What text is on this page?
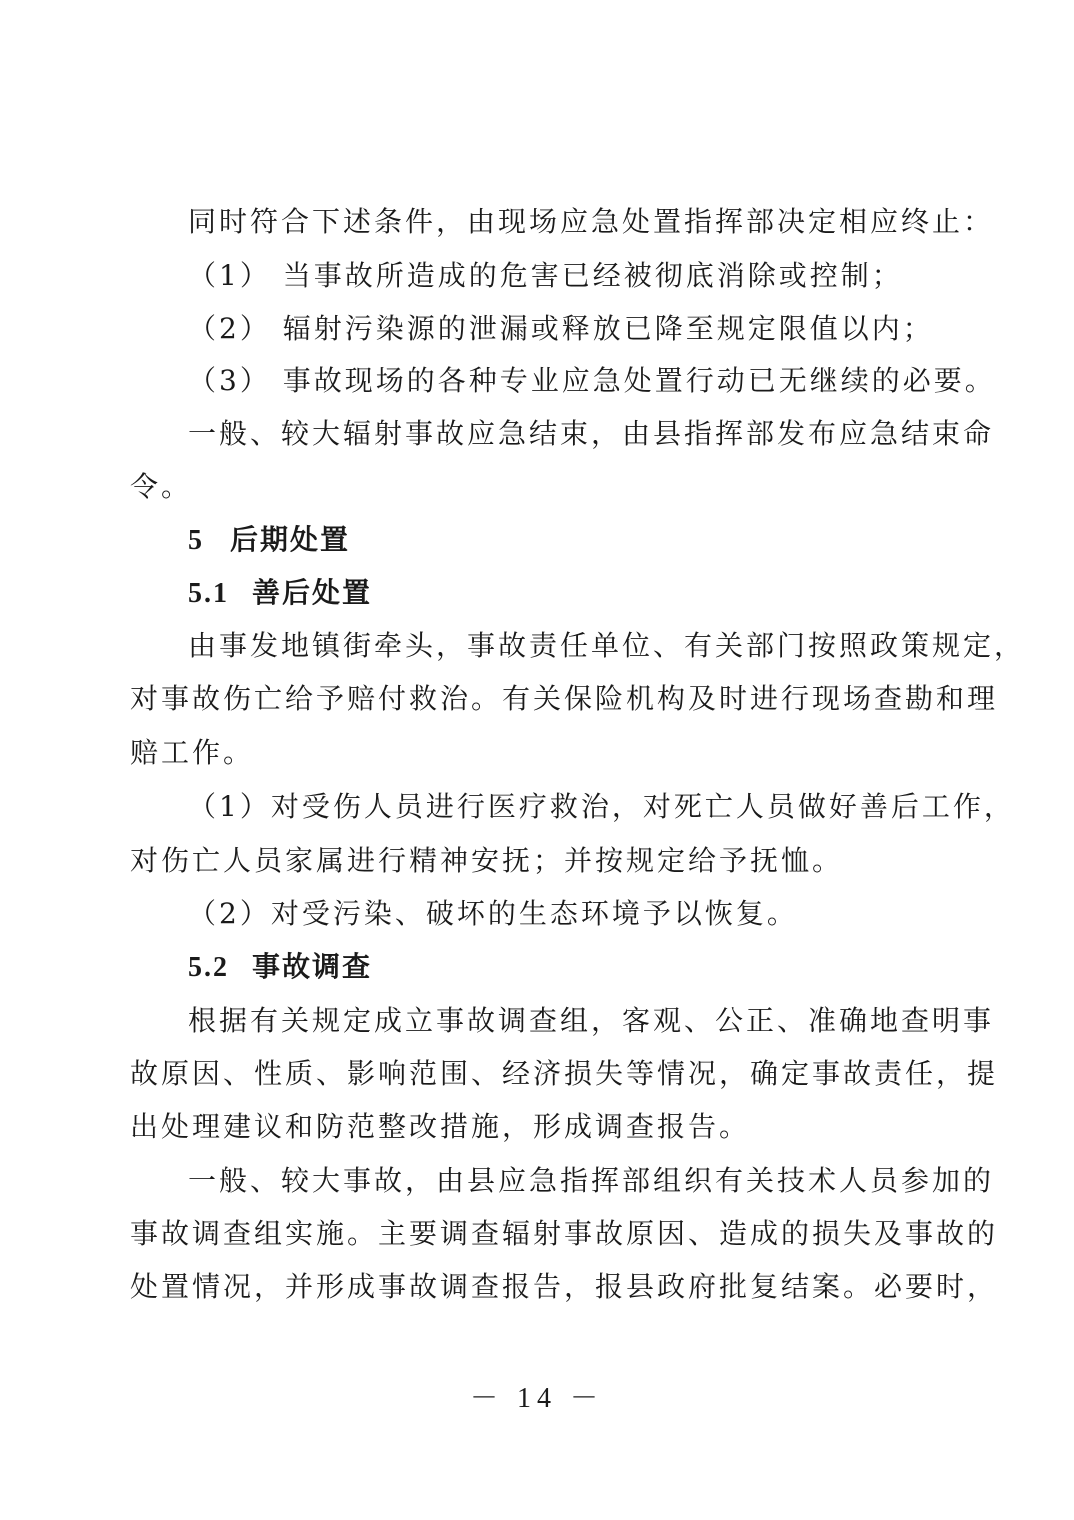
同时符合下述条件，由现场应急处置指挥部决定相应终止：
（1） 当事故所造成的危害已经被彻底消除或控制；
（2） 辐射污染源的泄漏或释放已降至规定限值以内；
（3） 事故现场的各种专业应急处置行动已无继续的必要。
一般、较大辐射事故应急结束，由县指挥部发布应急结束命
令。
5 后期处置
5.1 善后处置
由事发地镇街牵头，事故责任单位、有关部门按照政策规定，
对事故伤亡给予赔付救治。有关保险机构及时进行现场查勘和理
赔工作。
（1）对受伤人员进行医疗救治，对死亡人员做好善后工作，
对伤亡人员家属进行精神安抚；并按规定给予抚恤。
（2）对受污染、破坏的生态环境予以恢复。
5.2 事故调查
根据有关规定成立事故调查组，客观、公正、准确地查明事
故原因、性质、影响范围、经济损失等情况，确定事故责任，提
出处理建议和防范整改措施，形成调查报告。
一般、较大事故，由县应急指挥部组织有关技术人员参加的
事故调查组实施。主要调查辐射事故原因、造成的损失及事故的
处置情况，并形成事故调查报告，报县政府批复结案。必要时，
－ 14 －
